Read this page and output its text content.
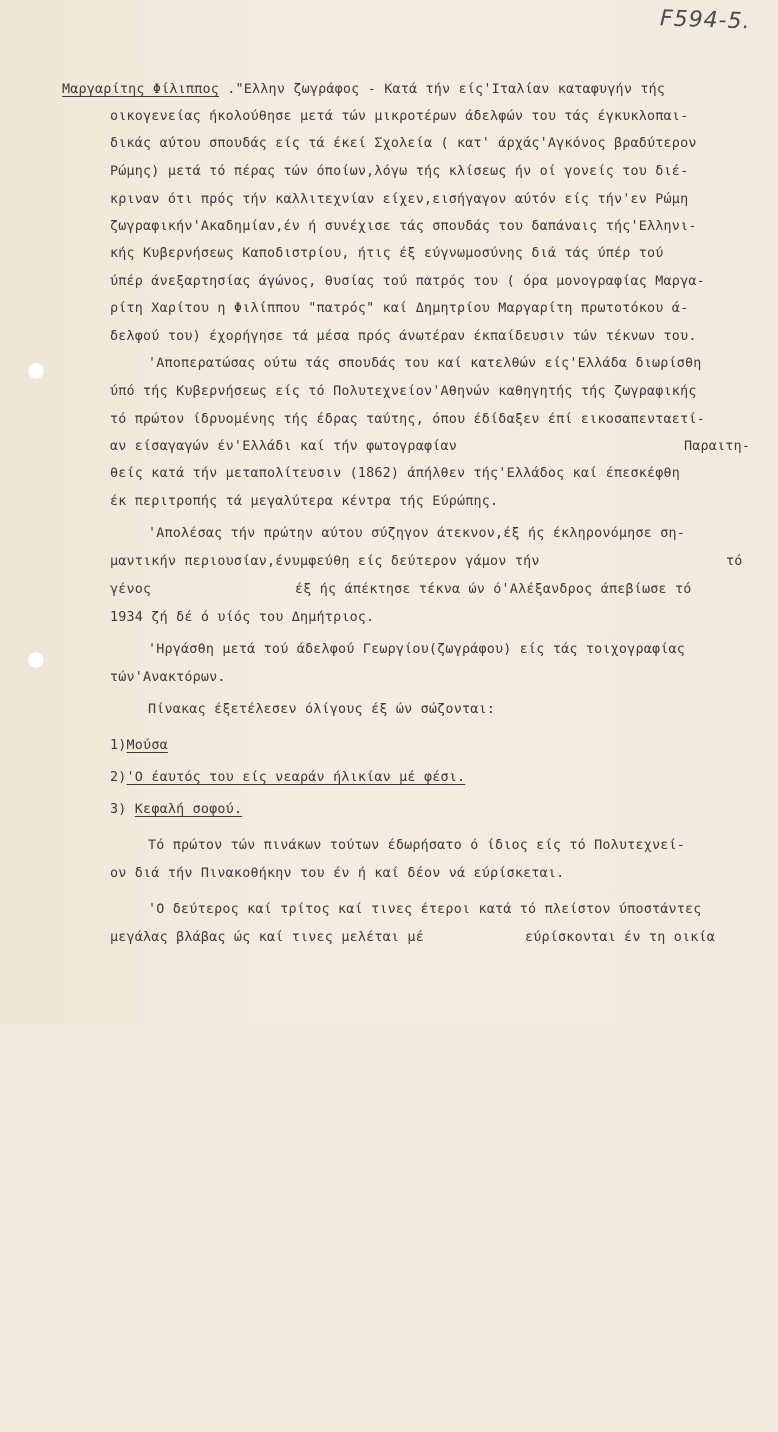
F594-5.

Μαργαρίτης Φίλιππος ."Ελλην ζωγράφος - Κατά τήν είς'Ιταλίαν καταφυγήν τής

οικογενείας ήκολούθησε μετά τών μικροτέρων άδελφών του τάς έγκυκλοπαι-

δικάς αύτου σπουδάς είς τά έκεί Σχολεία ( κατ' άρχάς'Αγκόνος βραδύτερον

Ρώμης) μετά τό πέρας τών όποίων,λόγω τής κλίσεως ήν οί γονείς του διέ-

κριναν ότι πρός τήν καλλιτεχνίαν είχεν,εισήγαγον αύτόν είς τήν'εν Ρώμη

ζωγραφικήν'Ακαδημίαν,έν ή συνέχισε τάς σπουδάς του δαπάναις τής'Ελληνι-

κής Κυβερνήσεως Καποδιστρίου, ήτις έξ εύγνωμοσύνης διά τάς ύπέρ τού

ύπέρ άνεξαρτησίας άγώνος, θυσίας τού πατρός του ( όρα μονογραφίας Μαργα-

ρίτη Χαρίτου η Φιλίππου "πατρός" καί Δημητρίου Μαργαρίτη πρωτοτόκου ά-

δελφού του) έχορήγησε τά μέσα πρός άνωτέραν έκπαίδευσιν τών τέκνων του.

'Αποπερατώσας ούτω τάς σπουδάς του καί κατελθών είς'Ελλάδα διωρίσθη

ύπό τής Κυβερνήσεως είς τό Πολυτεχνείον'Αθηνών καθηγητής τής ζωγραφικής

τό πρώτον ίδρυομένης τής έδρας ταύτης, όπου έδίδαξεν έπί εικοσαπενταετί-

αν είσαγαγών έν'Ελλάδι καί τήν φωτογραφίαν

	Παραιτη-

θείς κατά τήν μεταπολίτευσιν (1862) άπήλθεν τής'Ελλάδος καί έπεσκέφθη

έκ περιτροπής τά μεγαλύτερα κέντρα τής Εύρώπης.

'Απολέσας τήν πρώτην αύτου σύζηγον άτεκνον,έξ ής έκληρονόμησε ση-

μαντικήν περιουσίαν,ένυμφεύθη είς δεύτερον γάμον τήν

	τό

γένος

	έξ ής άπέκτησε τέκνα ών ό'Αλέξανδρος άπεβίωσε τό

1934 ζή δέ ό υίός του Δημήτριος.

'Ηργάσθη μετά τού άδελφού Γεωργίου(ζωγράφου) είς τάς τοιχογραφίας

τών'Ανακτόρων.

Πίνακας έξετέλεσεν όλίγους έξ ών σώζονται:

1)Μούσα

2)'Ο έαυτός του είς νεαράν ήλικίαν μέ φέσι.

3) Κεφαλή σοφού.

Τό πρώτον τών πινάκων τούτων έδωρήσατο ό ίδιος είς τό Πολυτεχνεί-

ον διά τήν Πινακοθήκην του έν ή καί δέον νά εύρίσκεται.

'Ο δεύτερος καί τρίτος καί τινες έτεροι κατά τό πλείστον ύποστάντες

μεγάλας βλάβας ώς καί τινες μελέται μέ

	εύρίσκονται έν τη οικία
